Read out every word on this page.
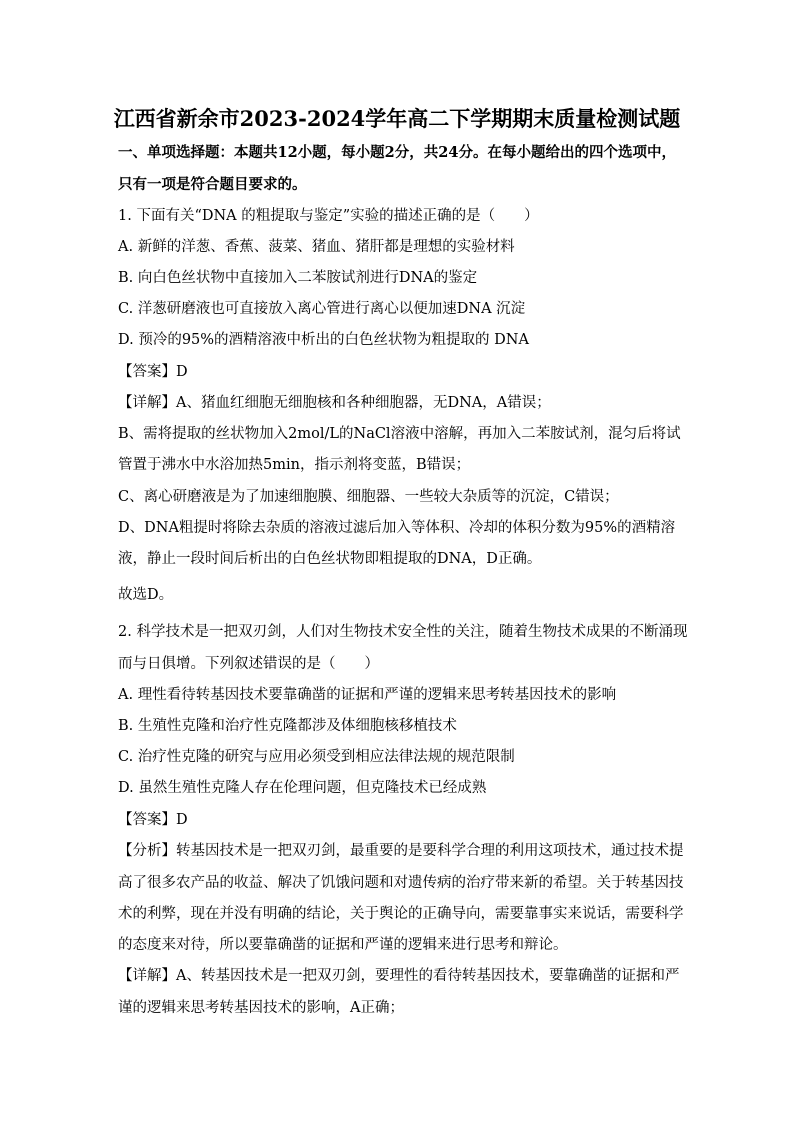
江西省新余市2023-2024学年高二下学期期末质量检测试题
一、单项选择题：本题共12小题，每小题2分，共24分。在每小题给出的四个选项中，
只有一项是符合题目要求的。
1. 下面有关“DNA 的粗提取与鉴定”实验的描述正确的是（　　）
A. 新鲜的洋葱、香蕉、菠菜、猪血、猪肝都是理想的实验材料
B. 向白色丝状物中直接加入二苯胺试剂进行DNA的鉴定
C. 洋葱研磨液也可直接放入离心管进行离心以便加速DNA 沉淀
D. 预冷的95%的酒精溶液中析出的白色丝状物为粗提取的 DNA
【答案】D
【详解】A、猪血红细胞无细胞核和各种细胞器，无DNA，A错误；
B、需将提取的丝状物加入2mol/L的NaCl溶液中溶解，再加入二苯胺试剂，混匀后将试
管置于沸水中水浴加热5min，指示剂将变蓝，B错误；
C、离心研磨液是为了加速细胞膜、细胞器、一些较大杂质等的沉淀，C错误；
D、DNA粗提时将除去杂质的溶液过滤后加入等体积、冷却的体积分数为95%的酒精溶
液，静止一段时间后析出的白色丝状物即粗提取的DNA，D正确。
故选D。
2. 科学技术是一把双刃剑，人们对生物技术安全性的关注，随着生物技术成果的不断涌现
而与日俱增。下列叙述错误的是（　　）
A. 理性看待转基因技术要靠确凿的证据和严谨的逻辑来思考转基因技术的影响
B. 生殖性克隆和治疗性克隆都涉及体细胞核移植技术
C. 治疗性克隆的研究与应用必须受到相应法律法规的规范限制
D. 虽然生殖性克隆人存在伦理问题，但克隆技术已经成熟
【答案】D
【分析】转基因技术是一把双刃剑，最重要的是要科学合理的利用这项技术，通过技术提
高了很多农产品的收益、解决了饥饿问题和对遗传病的治疗带来新的希望。关于转基因技
术的利弊，现在并没有明确的结论，关于舆论的正确导向，需要靠事实来说话，需要科学
的态度来对待，所以要靠确凿的证据和严谨的逻辑来进行思考和辩论。
【详解】A、转基因技术是一把双刃剑，要理性的看待转基因技术，要靠确凿的证据和严
谨的逻辑来思考转基因技术的影响，A正确；
